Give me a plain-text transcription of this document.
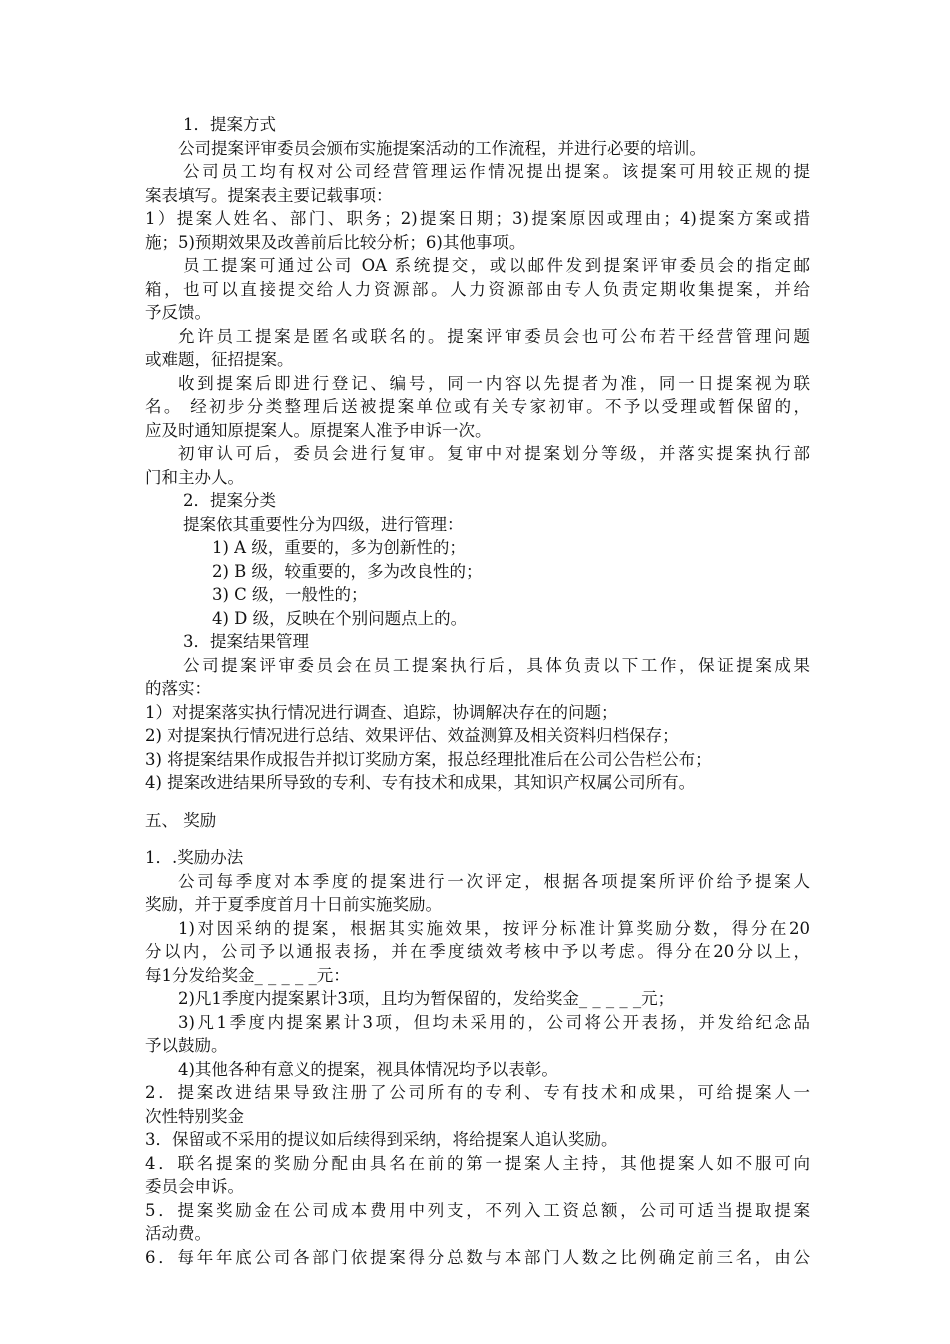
1．提案方式
公司提案评审委员会颁布实施提案活动的工作流程，并进行必要的培训。
公司员工均有权对公司经营管理运作情况提出提案。该提案可用较正规的提
案表填写。提案表主要记载事项：
1）提案人姓名、部门、职务；2)提案日期；3)提案原因或理由；4)提案方案或措
施；5)预期效果及改善前后比较分析；6)其他事项。
员工提案可通过公司 OA 系统提交，或以邮件发到提案评审委员会的指定邮
箱，也可以直接提交给人力资源部。人力资源部由专人负责定期收集提案，并给
予反馈。
允许员工提案是匿名或联名的。提案评审委员会也可公布若干经营管理问题
或难题，征招提案。
收到提案后即进行登记、编号，同一内容以先提者为准，同一日提案视为联
名。 经初步分类整理后送被提案单位或有关专家初审。不予以受理或暂保留的，
应及时通知原提案人。原提案人准予申诉一次。
初审认可后，委员会进行复审。复审中对提案划分等级，并落实提案执行部
门和主办人。
2．提案分类
提案依其重要性分为四级，进行管理：
1) A 级，重要的，多为创新性的；
2) B 级，较重要的，多为改良性的；
3) C 级，一般性的；
4) D 级，反映在个别问题点上的。
3．提案结果管理
公司提案评审委员会在员工提案执行后，具体负责以下工作，保证提案成果
的落实：
1）对提案落实执行情况进行调查、追踪，协调解决存在的问题；
2) 对提案执行情况进行总结、效果评估、效益测算及相关资料归档保存；
3) 将提案结果作成报告并拟订奖励方案，报总经理批准后在公司公告栏公布；
4) 提案改进结果所导致的专利、专有技术和成果，其知识产权属公司所有。
五、 奖励
1．.奖励办法
公司每季度对本季度的提案进行一次评定，根据各项提案所评价给予提案人
奖励，并于夏季度首月十日前实施奖励。
1)对因采纳的提案，根据其实施效果，按评分标准计算奖励分数，得分在20
分以内，公司予以通报表扬，并在季度绩效考核中予以考虑。得分在20分以上，
每1分发给奖金_ _ _ _ _元：
2)凡1季度内提案累计3项，且均为暂保留的，发给奖金_ _ _ _ _元；
3)凡1季度内提案累计3项，但均未采用的，公司将公开表扬，并发给纪念品
予以鼓励。
4)其他各种有意义的提案，视具体情况均予以表彰。
2．提案改进结果导致注册了公司所有的专利、专有技术和成果，可给提案人一
次性特别奖金
3．保留或不采用的提议如后续得到采纳，将给提案人追认奖励。
4．联名提案的奖励分配由具名在前的第一提案人主持，其他提案人如不服可向
委员会申诉。
5．提案奖励金在公司成本费用中列支，不列入工资总额，公司可适当提取提案
活动费。
6．每年年底公司各部门依提案得分总数与本部门人数之比例确定前三名，由公
